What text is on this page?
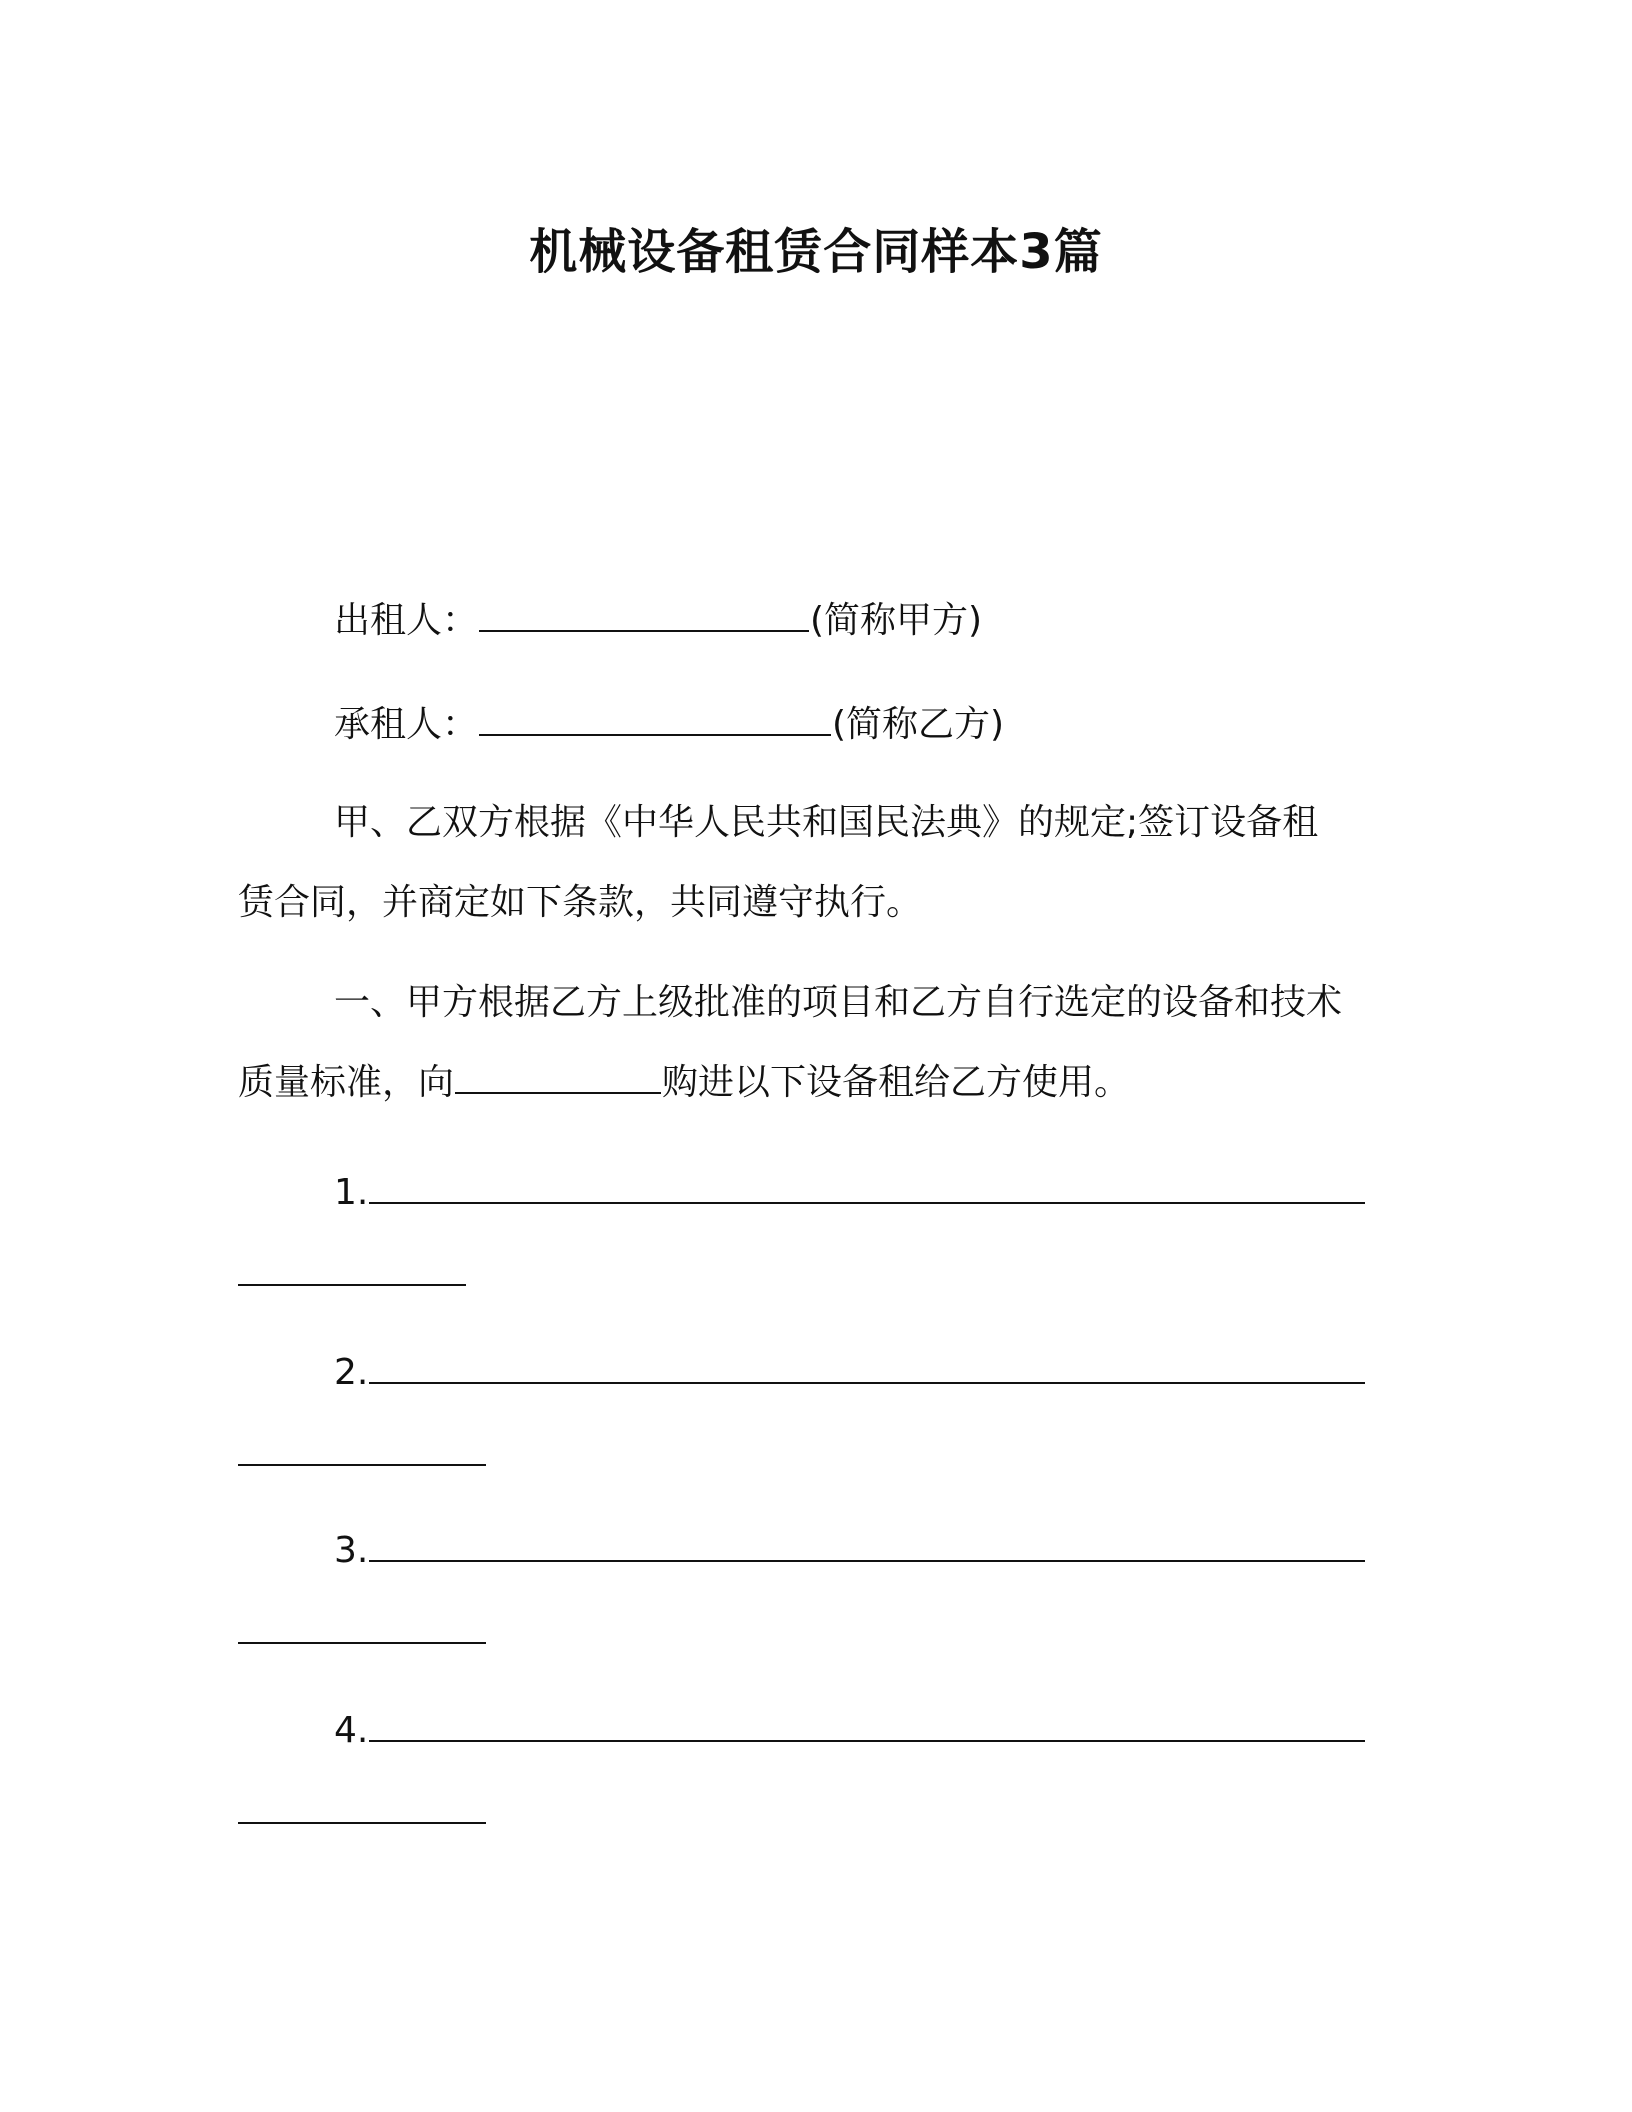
机械设备租赁合同样本3篇
出租人：	(简称甲方)
承租人：	(简称乙方)
甲、乙双方根据《中华人民共和国民法典》的规定;签订设备租
赁合同，并商定如下条款，共同遵守执行。
一、甲方根据乙方上级批准的项目和乙方自行选定的设备和技术
质量标准，向	购进以下设备租给乙方使用。
1.
2.
3.
4.
